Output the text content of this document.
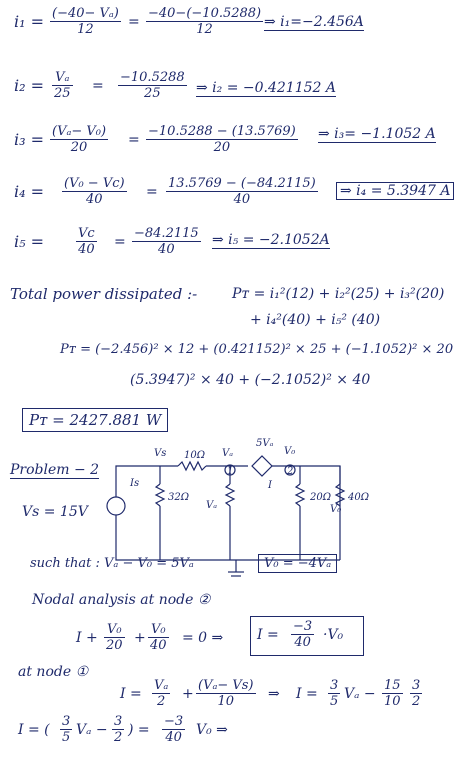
$i_1 = \frac{\text{(−40− Vₐ)}}{12} = \frac{-40-(-10.5288)}{12}$ ⇒ i₁=−2.456A
$i_2 = \frac{\text{Vₐ}}{25} = \frac{-10.5288}{25}$ ⇒ i₂ = −0.421152 A
$i_3 = \frac{\text{(Vₐ− V₀)}}{20} = \frac{-10.5288 - (13.5769)}{20}$ ⇒ i₃= −1.1052 A
$i_4 = \frac{\text{(V₀ − Vc)}}{40} = \frac{13.5769 - (-84.2115)}{40}$ ⇒ i₄ = 5.3947 A
$i_5 = \frac{Vc}{40} = \frac{-84.2115}{40}$ ⇒ i₅ = −2.1052A
Total power dissipated :- Pᴛ = i₁²(12) + i₂²(25) + i₃²(20)
+ i₄²(40) + i₅² (40)
Pᴛ = (−2.456)² × 12 + (0.421152)² × 25 + (−1.1052)² × 20
(5.3947)² × 40 + (−2.1052)² × 40
Pᴛ = 2427.881 W
Problem − 2
Vs = 15V
Vs 10Ω Vₐ
5Vₐ
V₀
32Ω
Vₐ
20Ω
V₀
Is	I
1	2
40Ω
such that : Vₐ − V₀ = 5Vₐ	V₀ = −4Vₐ
Nodal analysis at node ②
$I + \frac{\text{V₀}}{20} + \frac{\text{V₀}}{40} = 0$ ⇒ $I = \frac{-3}{40} \cdot V_0$
at node ①
$I = \frac{\text{Vₐ}}{2} + \frac{\text{(Vₐ− Vs)}}{10}$ ⇒ $I = \frac{3}{5}$ $V_a - \frac{15}{10} \frac{3}{2}$
I = ( $\frac{3}{5}$ $V_a - \frac{3}{2}$ ) = $\frac{-3}{40} V_0$ ⇒
